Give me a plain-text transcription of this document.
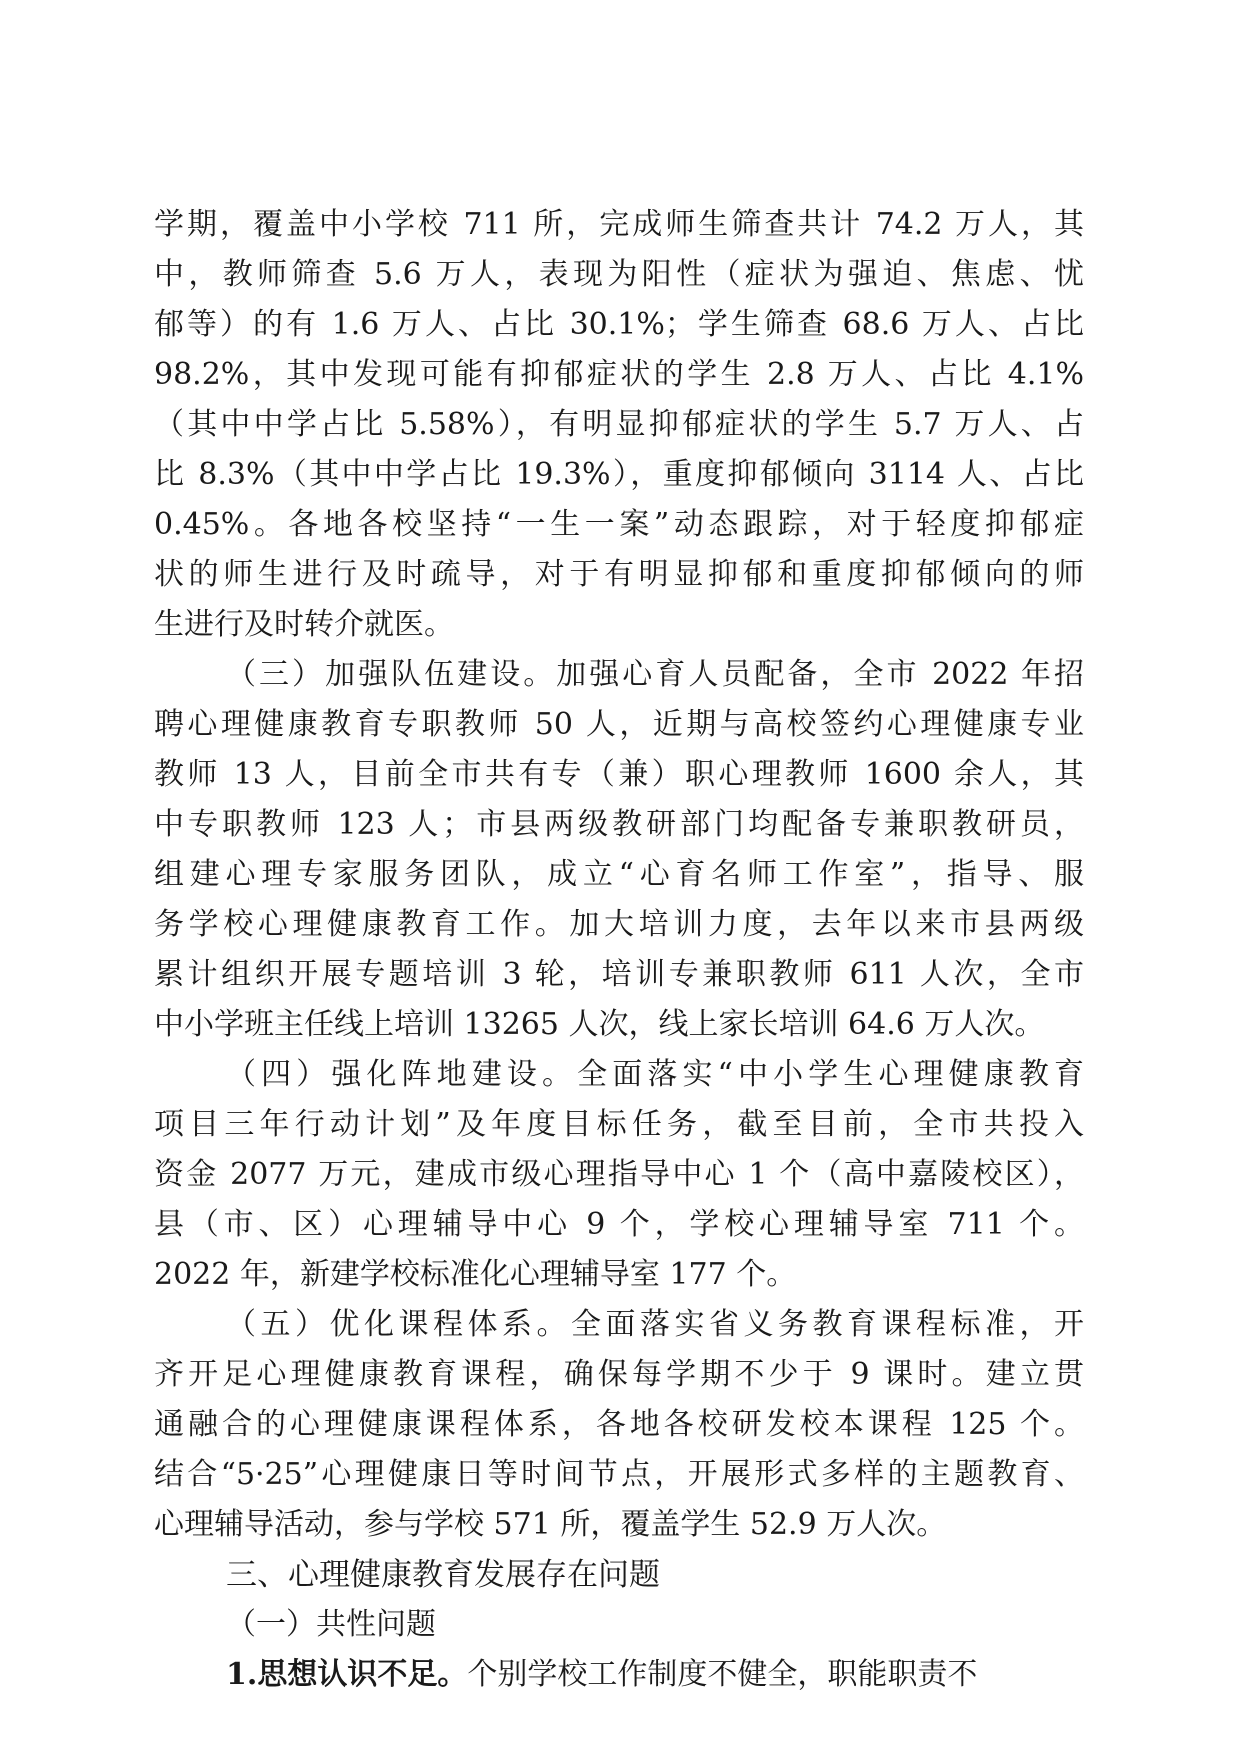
学期，覆盖中小学校 711 所，完成师生筛查共计 74.2 万人，其
中，教师筛查 5.6 万人，表现为阳性（症状为强迫、焦虑、忧
郁等）的有 1.6 万人、占比 30.1%；学生筛查 68.6 万人、占比
98.2%，其中发现可能有抑郁症状的学生 2.8 万人、占比 4.1%
（其中中学占比 5.58%），有明显抑郁症状的学生 5.7 万人、占
比 8.3%（其中中学占比 19.3%），重度抑郁倾向 3114 人、占比
0.45%。各地各校坚持“一生一案”动态跟踪，对于轻度抑郁症
状的师生进行及时疏导，对于有明显抑郁和重度抑郁倾向的师
生进行及时转介就医。
（三）加强队伍建设。加强心育人员配备，全市 2022 年招
聘心理健康教育专职教师 50 人，近期与高校签约心理健康专业
教师 13 人，目前全市共有专（兼）职心理教师 1600 余人，其
中专职教师 123 人；市县两级教研部门均配备专兼职教研员，
组建心理专家服务团队，成立“心育名师工作室”，指导、服
务学校心理健康教育工作。加大培训力度，去年以来市县两级
累计组织开展专题培训 3 轮，培训专兼职教师 611 人次，全市
中小学班主任线上培训 13265 人次，线上家长培训 64.6 万人次。
（四）强化阵地建设。全面落实“中小学生心理健康教育
项目三年行动计划”及年度目标任务，截至目前，全市共投入
资金 2077 万元，建成市级心理指导中心 1 个（高中嘉陵校区），
县（市、区）心理辅导中心 9 个，学校心理辅导室 711 个。
2022 年，新建学校标准化心理辅导室 177 个。
（五）优化课程体系。全面落实省义务教育课程标准，开
齐开足心理健康教育课程，确保每学期不少于 9 课时。建立贯
通融合的心理健康课程体系，各地各校研发校本课程 125 个。
结合“5·25”心理健康日等时间节点，开展形式多样的主题教育、
心理辅导活动，参与学校 571 所，覆盖学生 52.9 万人次。
三、心理健康教育发展存在问题
（一）共性问题
1.思想认识不足。个别学校工作制度不健全，职能职责不
